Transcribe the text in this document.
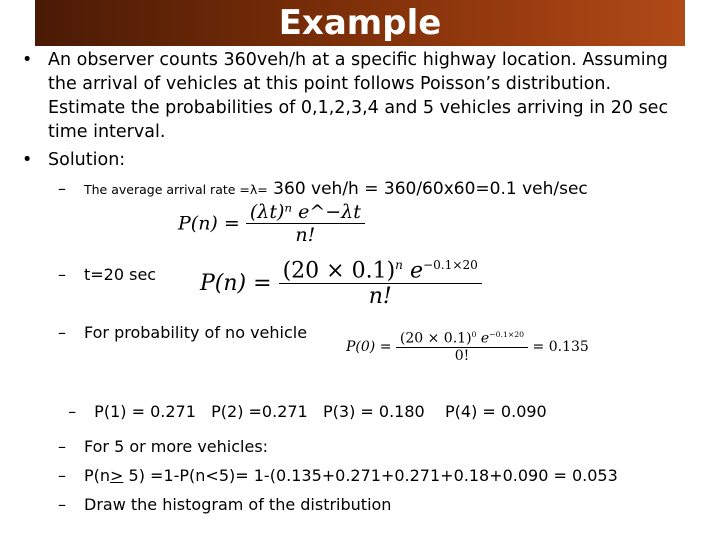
Example
• An observer counts 360veh/h at a specific highway location. Assuming the arrival of vehicles at this point follows Poisson’s distribution. Estimate the probabilities of 0,1,2,3,4 and 5 vehicles arriving in 20 sec time interval.
• Solution:
– The average arrival rate =λ= 360 veh/h = 360/60x60=0.1 veh/sec
$P(n) = \frac{\text{(λt)ⁿ e\textasciicircum{}−λt}}{n!}$
– t=20 $\sec P(n) = \frac{(20 \times 0.1)^n e^{-0.1\times 20}}{n!}$
– For probability of no vehicle
$P(0) = \frac{(20 \times 0.1)^0 e^{-0.1\times 20}}{0!} = 0.135$

– P(1) = 0.271   P(2) =0.271   P(3) = 0.180    P(4) = 0.090

– For 5 or more vehicles:
– P(n≥ 5) =1-P(n<5)= 1-(0.135+0.271+0.271+0.18+0.090 = 0.053
– Draw the histogram of the distribution
